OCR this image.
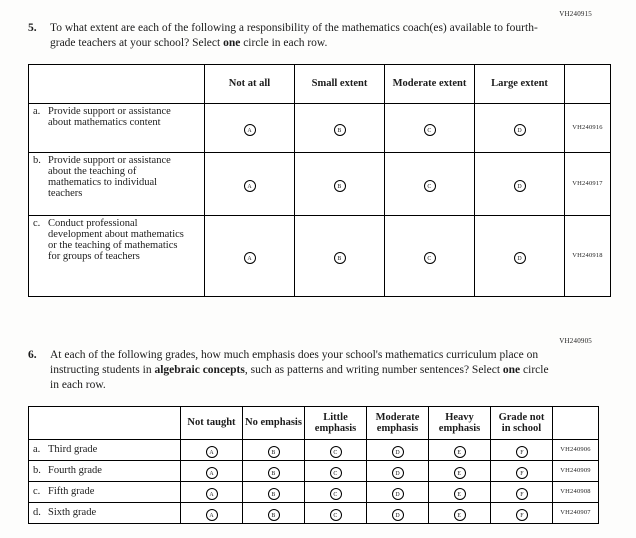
VH240915
5.	To what extent are each of the following a responsibility of the mathematics coach(es) available to fourth-grade teachers at your school? Select one circle in each row.
	Not at all	Small extent	Moderate extent	Large extent	

a. Provide support or assistance about mathematics content	A	B	C	D	VH240916

b. Provide support or assistance about the teaching of mathematics to individual teachers	A	B	C	D	VH240917

c. Conduct professional development about mathematics or the teaching of mathematics for groups of teachers	A	B	C	D	VH240918
VH240905
6.	At each of the following grades, how much emphasis does your school's mathematics curriculum place on instructing students in algebraic concepts, such as patterns and writing number sentences? Select one circle in each row.
	Not taught	No emphasis	Little emphasis	Moderate emphasis	Heavy emphasis	Grade not in school	

a. Third grade	A	B	C	D	E	F	VH240906

b. Fourth grade	A	B	C	D	E	F	VH240909

c. Fifth grade	A	B	C	D	E	F	VH240908

d. Sixth grade	A	B	C	D	E	F	VH240907
